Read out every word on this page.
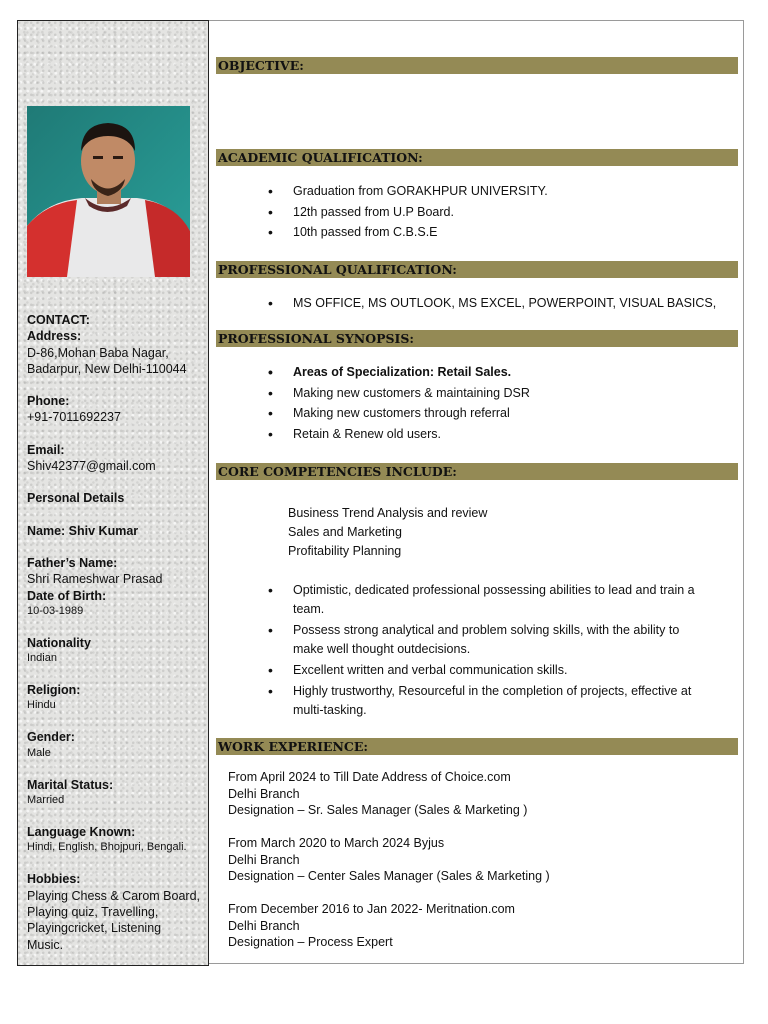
CONTACT:

Address:

D-86,Mohan Baba Nagar,

Badarpur, New Delhi-110044

Phone:

+91-7011692237

Email:

Shiv42377@gmail.com

Personal Details

Name: Shiv Kumar

Father’s Name:

Shri Rameshwar Prasad

Date of Birth:

10-03-1989

Nationality

Indian

Religion:

Hindu

Gender:

Male

Marital Status:

Married

Language Known:

Hindi, English, Bhojpuri, Bengali.

Hobbies:

Playing Chess & Carom Board,

Playing quiz, Travelling,

Playingcricket, Listening

Music.

OBJECTIVE:
ACADEMIC QUALIFICATION:
PROFESSIONAL QUALIFICATION:
PROFESSIONAL SYNOPSIS:
CORE COMPETENCIES INCLUDE:
WORK EXPERIENCE:
• Graduation from GORAKHPUR UNIVERSITY.
• 12th passed from U.P Board.
• 10th passed from C.B.S.E
• MS OFFICE, MS OUTLOOK, MS EXCEL, POWERPOINT, VISUAL BASICS,
• Areas of Specialization: Retail Sales.
• Making new customers & maintaining DSR
• Making new customers through referral
• Retain & Renew old users.
Business Trend Analysis and review
Sales and Marketing
Profitability Planning
• Optimistic, dedicated professional possessing abilities to lead and train a team.
• Possess strong analytical and problem solving skills, with the ability to make well thought outdecisions.
• Excellent written and verbal communication skills.
• Highly trustworthy, Resourceful in the completion of projects, effective at multi-tasking.

From April 2024 to Till Date Address of Choice.com

Delhi Branch

Designation – Sr. Sales Manager (Sales & Marketing )

From March 2020 to March 2024 Byjus

Delhi Branch

Designation – Center Sales Manager (Sales & Marketing )

From December 2016 to Jan 2022- Meritnation.com

Delhi Branch

Designation – Process Expert
